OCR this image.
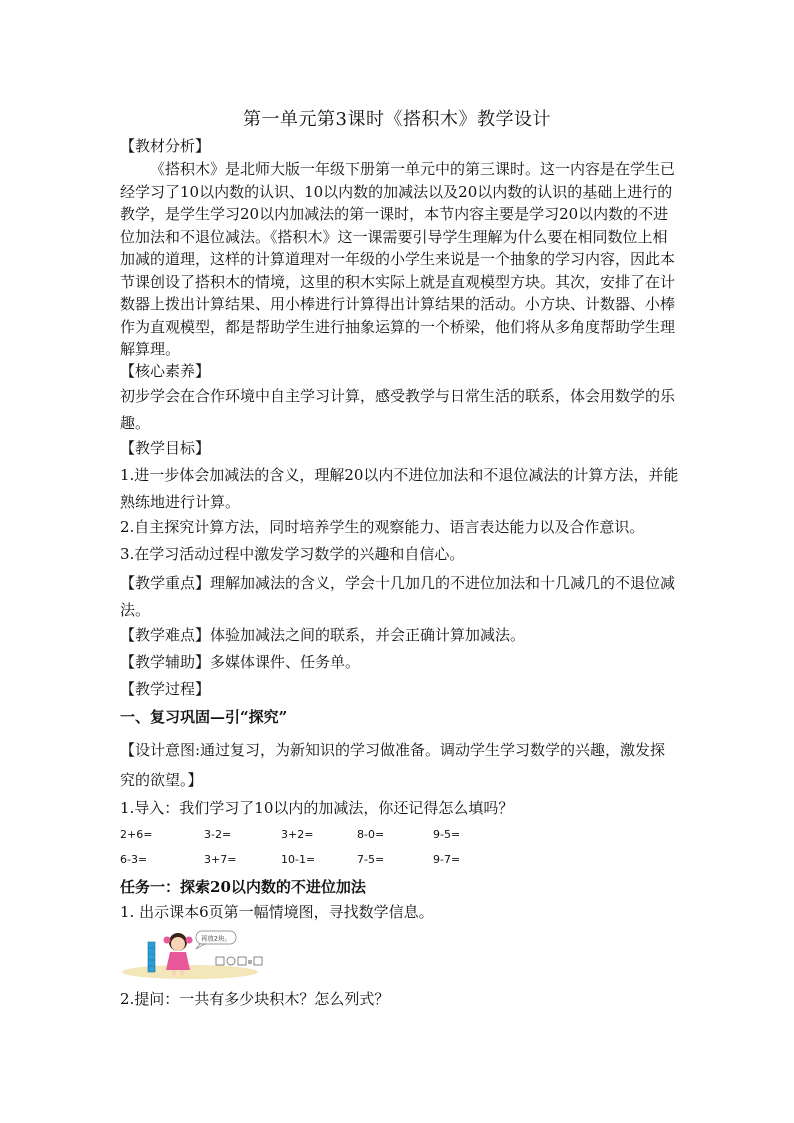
第一单元第3课时《搭积木》教学设计
【教材分析】
《搭积木》是北师大版一年级下册第一单元中的第三课时。这一内容是在学生已经学习了10以内数的认识、10以内数的加减法以及20以内数的认识的基础上进行的教学，是学生学习20以内加减法的第一课时，本节内容主要是学习20以内数的不进位加法和不退位减法。《搭积木》这一课需要引导学生理解为什么要在相同数位上相加减的道理，这样的计算道理对一年级的小学生来说是一个抽象的学习内容，因此本节课创设了搭积木的情境，这里的积木实际上就是直观模型方块。其次，安排了在计数器上拨出计算结果、用小棒进行计算得出计算结果的活动。小方块、计数器、小棒作为直观模型，都是帮助学生进行抽象运算的一个桥梁，他们将从多角度帮助学生理解算理。
【核心素养】
初步学会在合作环境中自主学习计算，感受教学与日常生活的联系，体会用数学的乐趣。
【教学目标】
1.进一步体会加减法的含义，理解20以内不进位加法和不退位减法的计算方法，并能熟练地进行计算。
2.自主探究计算方法，同时培养学生的观察能力、语言表达能力以及合作意识。
3.在学习活动过程中激发学习数学的兴趣和自信心。
【教学重点】理解加减法的含义，学会十几加几的不进位加法和十几减几的不退位减法。
【教学难点】体验加减法之间的联系，并会正确计算加减法。
【教学辅助】多媒体课件、任务单。
【教学过程】
一、复习巩固—引“探究”
【设计意图:通过复习，为新知识的学习做准备。调动学生学习数学的兴趣，激发探究的欲望。】
1.导入：我们学习了10以内的加减法，你还记得怎么填吗？
2+6=	3-2=	3+2=	8-0=	9-5=
6-3=	3+7=	10-1=	7-5=	9-7=
任务一：探索20以内数的不进位加法
1. 出示课本6页第一幅情境图，寻找数学信息。
再放2块。
2.提问：一共有多少块积木？怎么列式？
